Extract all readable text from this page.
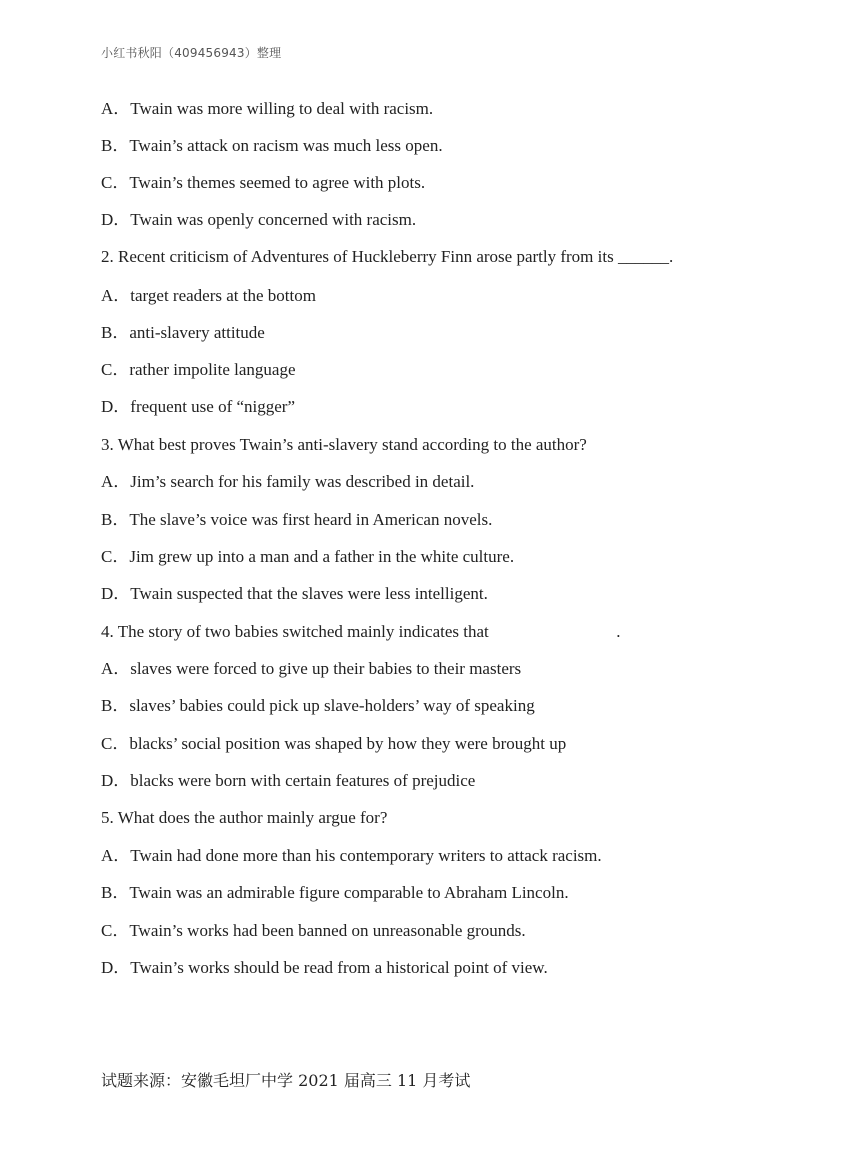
小红书秋阳（409456943）整理
A．Twain was more willing to deal with racism.
B．Twain’s attack on racism was much less open.
C．Twain’s themes seemed to agree with plots.
D．Twain was openly concerned with racism.
2. Recent criticism of Adventures of Huckleberry Finn arose partly from its ______.
A．target readers at the bottom
B．anti-slavery attitude
C．rather impolite language
D．frequent use of “nigger”
3. What best proves Twain’s anti-slavery stand according to the author?
A．Jim’s search for his family was described in detail.
B．The slave’s voice was first heard in American novels.
C．Jim grew up into a man and a father in the white culture.
D．Twain suspected that the slaves were less intelligent.
4. The story of two babies switched mainly indicates that                              .
A．slaves were forced to give up their babies to their masters
B．slaves’ babies could pick up slave-holders’ way of speaking
C．blacks’ social position was shaped by how they were brought up
D．blacks were born with certain features of prejudice
5. What does the author mainly argue for?
A．Twain had done more than his contemporary writers to attack racism.
B．Twain was an admirable figure comparable to Abraham Lincoln.
C．Twain’s works had been banned on unreasonable grounds.
D．Twain’s works should be read from a historical point of view.
试题来源：安徽毛坦厂中学 2021 届高三 11 月考试
